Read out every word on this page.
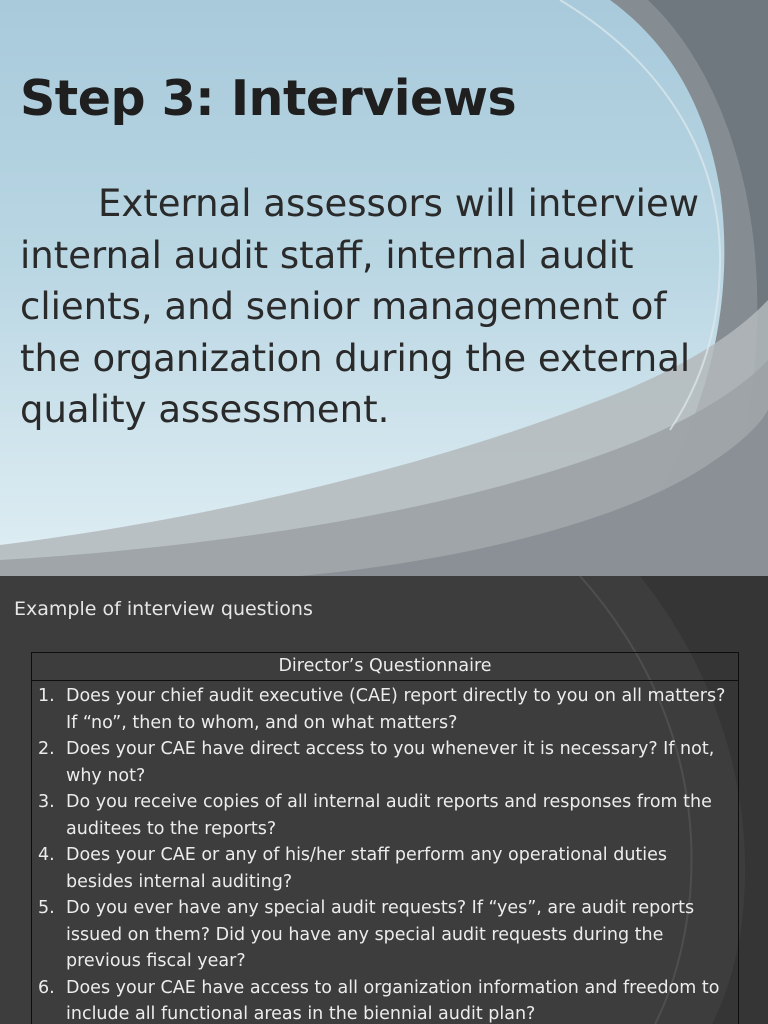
Step 3: Interviews

External assessors will interview internal audit staff, internal audit clients, and senior management of the organization during the external quality assessment.

Example of interview questions

Director’s Questionnaire
1. Does your chief audit executive (CAE) report directly to you on all matters? If “no”, then to whom, and on what matters?
2. Does your CAE have direct access to you whenever it is necessary? If not, why not?
3. Do you receive copies of all internal audit reports and responses from the auditees to the reports?
4. Does your CAE or any of his/her staff perform any operational duties besides internal auditing?
5. Do you ever have any special audit requests? If “yes”, are audit reports issued on them? Did you have any special audit requests during the previous fiscal year?
6. Does your CAE have access to all organization information and freedom to include all functional areas in the biennial audit plan?
